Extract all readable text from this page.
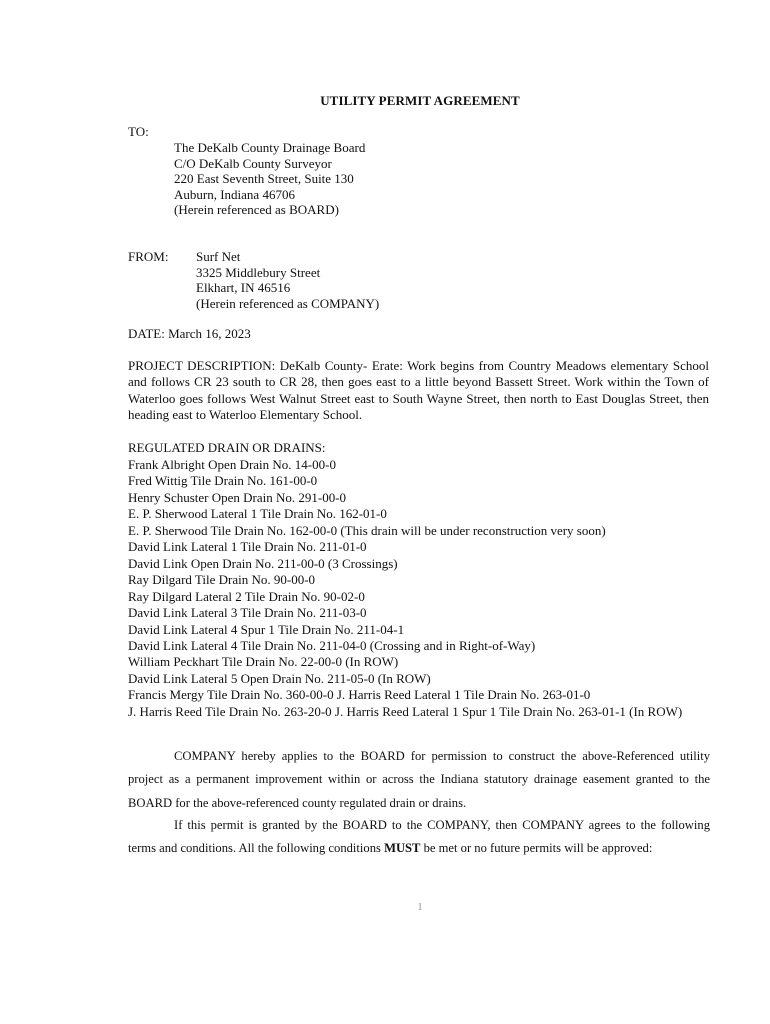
UTILITY PERMIT AGREEMENT
TO:
The DeKalb County Drainage Board
C/O DeKalb County Surveyor
220 East Seventh Street, Suite 130
Auburn, Indiana 46706
(Herein referenced as BOARD)
FROM: Surf Net
3325 Middlebury Street
Elkhart, IN 46516
(Herein referenced as COMPANY)
DATE: March 16, 2023
PROJECT DESCRIPTION: DeKalb County- Erate: Work begins from Country Meadows elementary School and follows CR 23 south to CR 28, then goes east to a little beyond Bassett Street. Work within the Town of Waterloo goes follows West Walnut Street east to South Wayne Street, then north to East Douglas Street, then heading east to Waterloo Elementary School.
REGULATED DRAIN OR DRAINS:
Frank Albright Open Drain No. 14-00-0
Fred Wittig Tile Drain No. 161-00-0
Henry Schuster Open Drain No. 291-00-0
E. P. Sherwood Lateral 1 Tile Drain No. 162-01-0
E. P. Sherwood Tile Drain No. 162-00-0 (This drain will be under reconstruction very soon)
David Link Lateral 1 Tile Drain No. 211-01-0
David Link Open Drain No. 211-00-0 (3 Crossings)
Ray Dilgard Tile Drain No. 90-00-0
Ray Dilgard Lateral 2 Tile Drain No. 90-02-0
David Link Lateral 3 Tile Drain No. 211-03-0
David Link Lateral 4 Spur 1 Tile Drain No. 211-04-1
David Link Lateral 4 Tile Drain No. 211-04-0 (Crossing and in Right-of-Way)
William Peckhart Tile Drain No. 22-00-0 (In ROW)
David Link Lateral 5 Open Drain No. 211-05-0 (In ROW)
Francis Mergy Tile Drain No. 360-00-0 J. Harris Reed Lateral 1 Tile Drain No. 263-01-0
J. Harris Reed Tile Drain No. 263-20-0 J. Harris Reed Lateral 1 Spur 1 Tile Drain No. 263-01-1 (In ROW)
COMPANY hereby applies to the BOARD for permission to construct the above-Referenced utility project as a permanent improvement within or across the Indiana statutory drainage easement granted to the BOARD for the above-referenced county regulated drain or drains.
If this permit is granted by the BOARD to the COMPANY, then COMPANY agrees to the following terms and conditions. All the following conditions MUST be met or no future permits will be approved:
1
